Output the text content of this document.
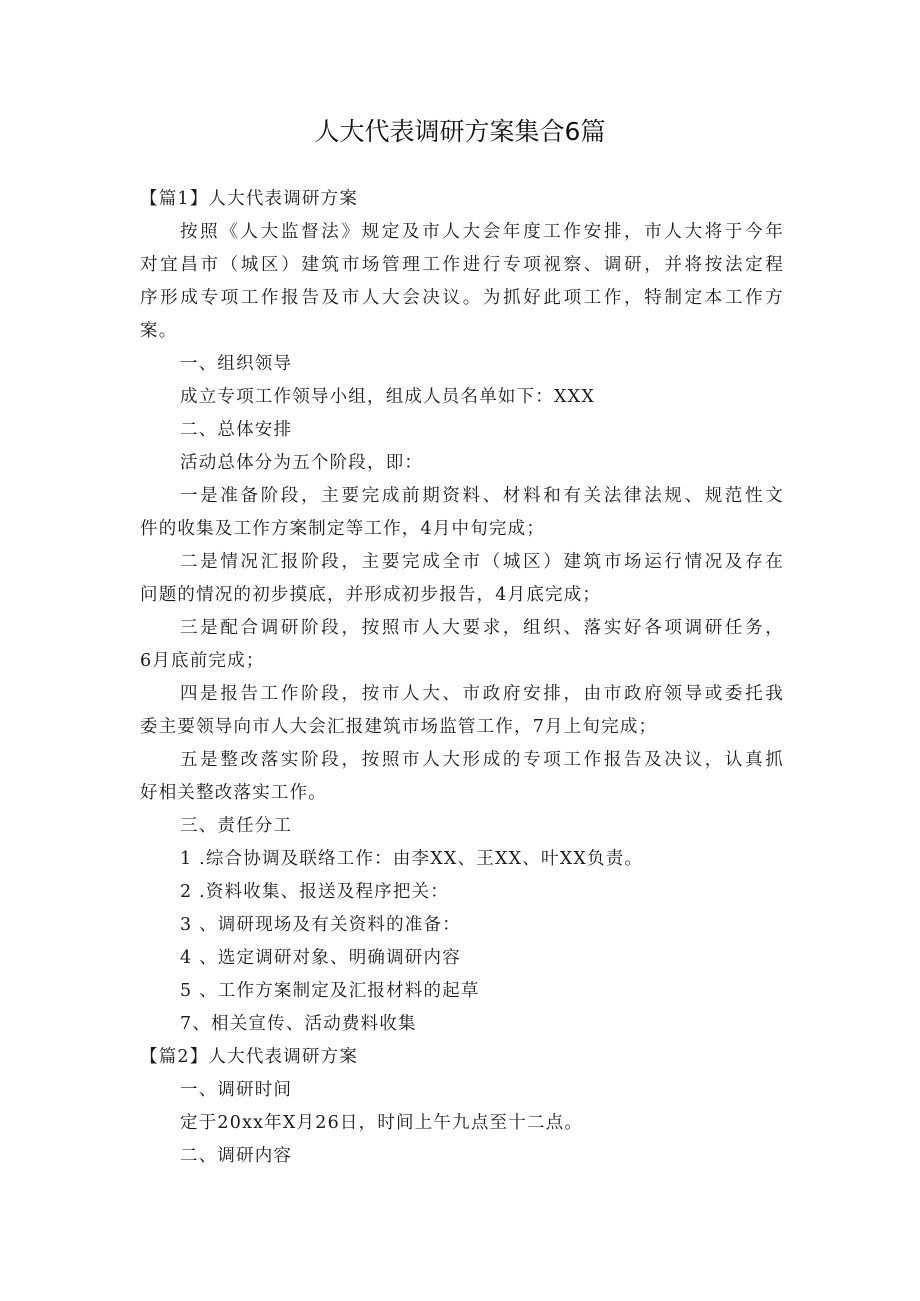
人大代表调研方案集合6篇
【篇1】人大代表调研方案
按照《人大监督法》规定及市人大会年度工作安排，市人大将于今年
对宜昌市（城区）建筑市场管理工作进行专项视察、调研，并将按法定程
序形成专项工作报告及市人大会决议。为抓好此项工作，特制定本工作方
案。
一、组织领导
成立专项工作领导小组，组成人员名单如下：XXX
二、总体安排
活动总体分为五个阶段，即：
一是准备阶段，主要完成前期资料、材料和有关法律法规、规范性文
件的收集及工作方案制定等工作，4月中旬完成；
二是情况汇报阶段，主要完成全市（城区）建筑市场运行情况及存在
问题的情况的初步摸底，并形成初步报告，4月底完成；
三是配合调研阶段，按照市人大要求，组织、落实好各项调研任务，
6月底前完成；
四是报告工作阶段，按市人大、市政府安排，由市政府领导或委托我
委主要领导向市人大会汇报建筑市场监管工作，7月上旬完成；
五是整改落实阶段，按照市人大形成的专项工作报告及决议，认真抓
好相关整改落实工作。
三、责任分工
1 .综合协调及联络工作：由李XX、王XX、叶XX负责。
2 .资料收集、报送及程序把关：
3 、调研现场及有关资料的准备：
4 、选定调研对象、明确调研内容
5 、工作方案制定及汇报材料的起草
7、相关宣传、活动费料收集
【篇2】人大代表调研方案
一、调研时间
定于20xx年X月26日，时间上午九点至十二点。
二、调研内容
